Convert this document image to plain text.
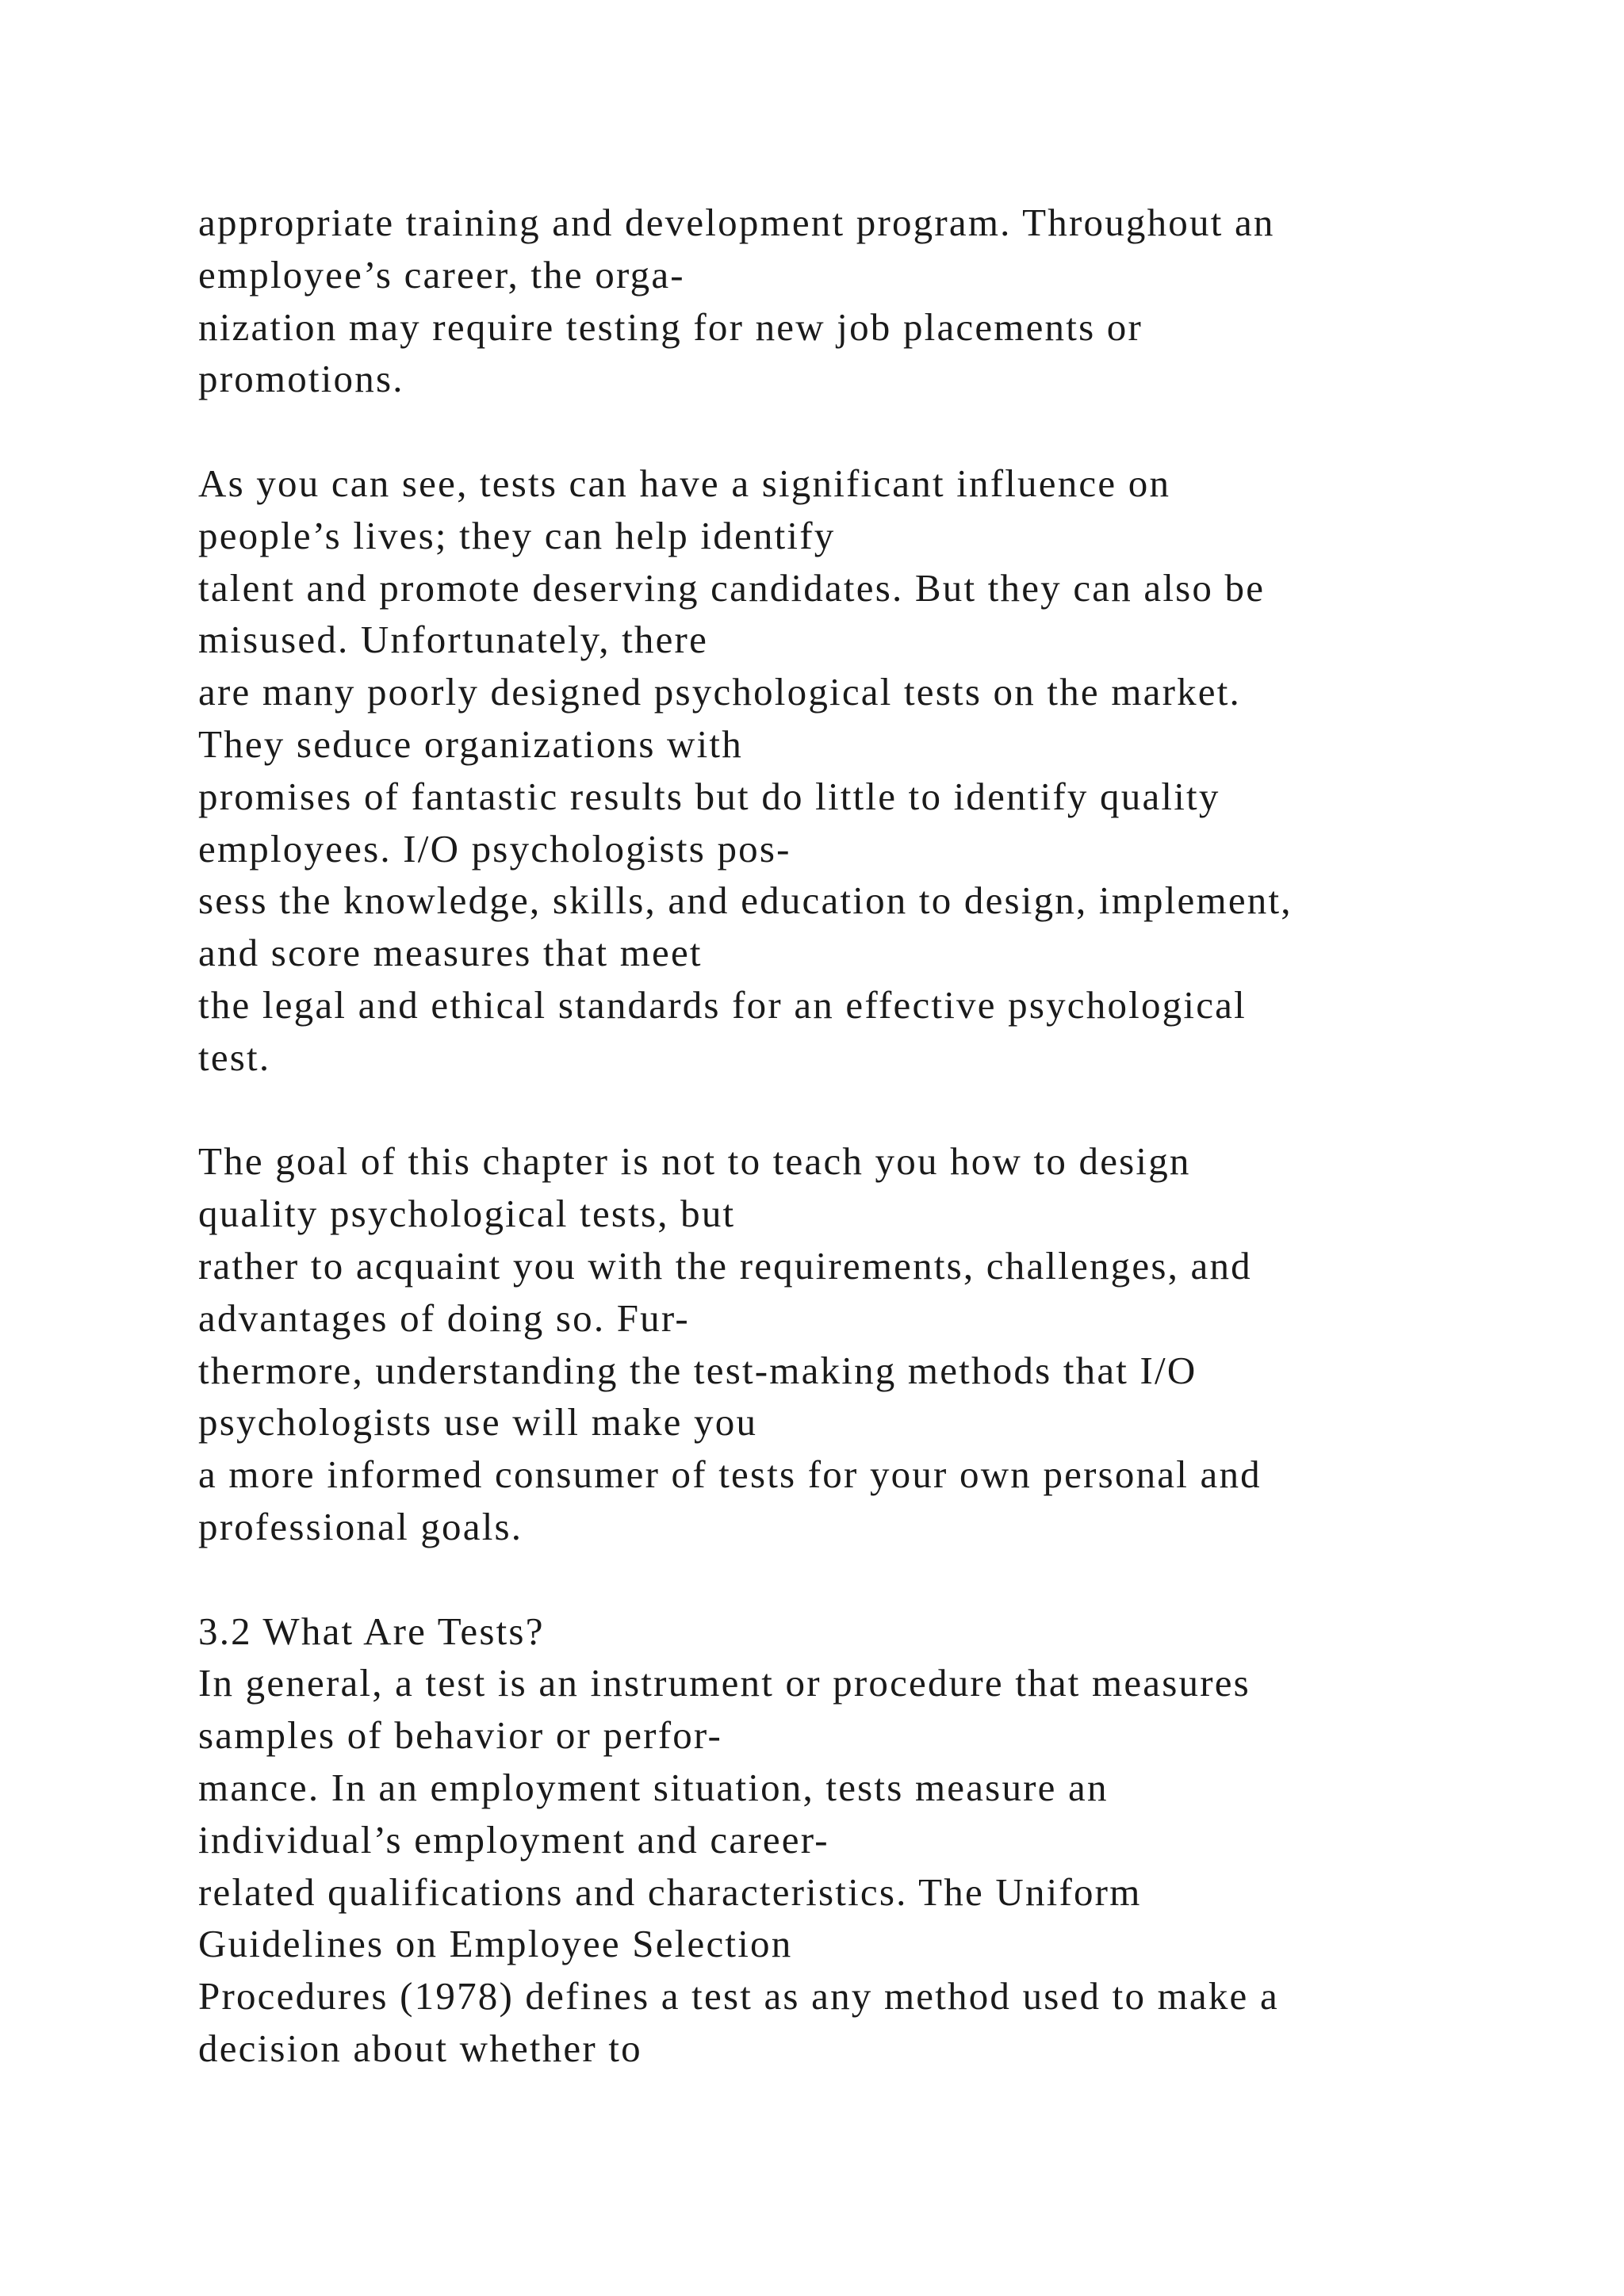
appropriate training and development program. Throughout an
employee’s career, the orga-
nization may require testing for new job placements or
promotions.
As you can see, tests can have a significant influence on
people’s lives; they can help identify
talent and promote deserving candidates. But they can also be
misused. Unfortunately, there
are many poorly designed psychological tests on the market.
They seduce organizations with
promises of fantastic results but do little to identify quality
employees. I/O psychologists pos-
sess the knowledge, skills, and education to design, implement,
and score measures that meet
the legal and ethical standards for an effective psychological
test.
The goal of this chapter is not to teach you how to design
quality psychological tests, but
rather to acquaint you with the requirements, challenges, and
advantages of doing so. Fur-
thermore, understanding the test-making methods that I/O
psychologists use will make you
a more informed consumer of tests for your own personal and
professional goals.
3.2 What Are Tests?
In general, a test is an instrument or procedure that measures
samples of behavior or perfor-
mance. In an employment situation, tests measure an
individual’s employment and career-
related qualifications and characteristics. The Uniform
Guidelines on Employee Selection
Procedures (1978) defines a test as any method used to make a
decision about whether to
